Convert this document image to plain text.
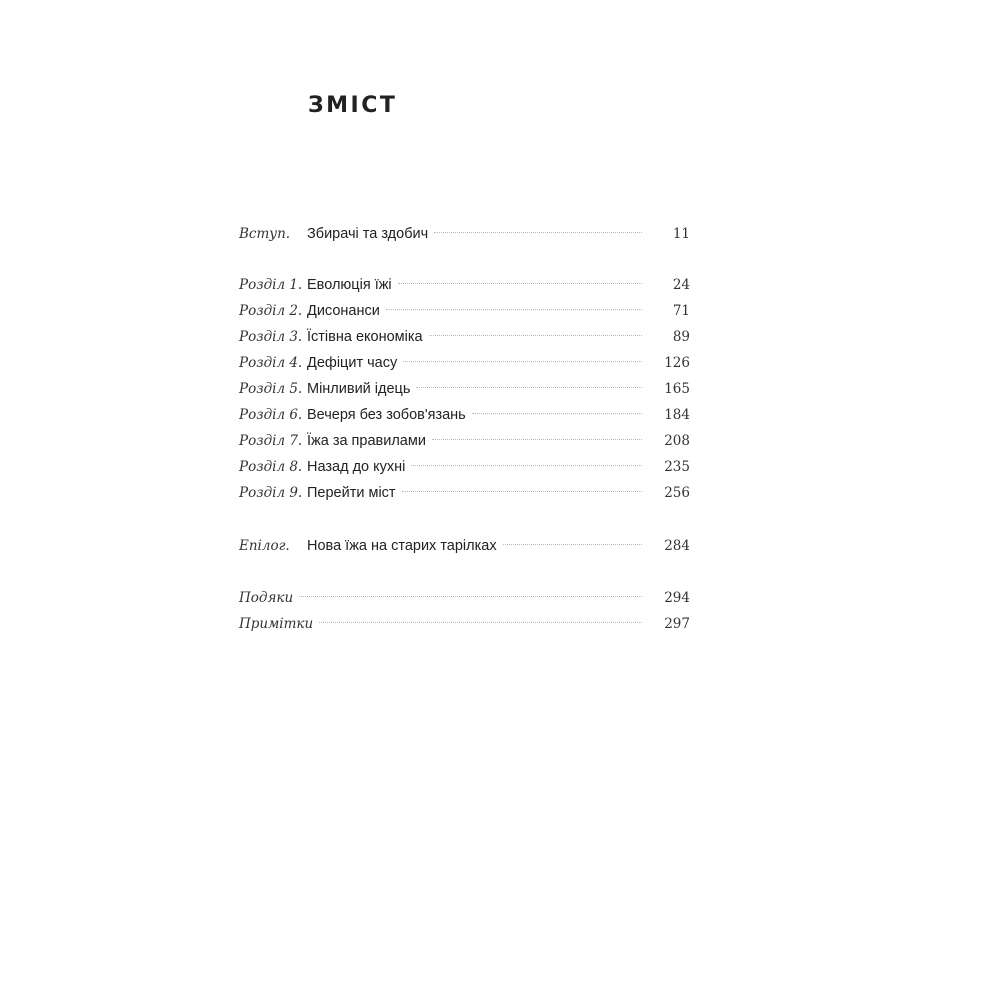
ЗМІСТ
Вступ.	Збирачі та здобич	11
Розділ 1. Еволюція їжі	24
Розділ 2. Дисонанси	71
Розділ 3. Їстівна економіка	89
Розділ 4. Дефіцит часу	126
Розділ 5. Мінливий ідець	165
Розділ 6. Вечеря без зобов'язань	184
Розділ 7. Їжа за правилами	208
Розділ 8. Назад до кухні	235
Розділ 9. Перейти міст	256
Епілог.	Нова їжа на старих тарілках	284
Подяки	294
Примітки	297
